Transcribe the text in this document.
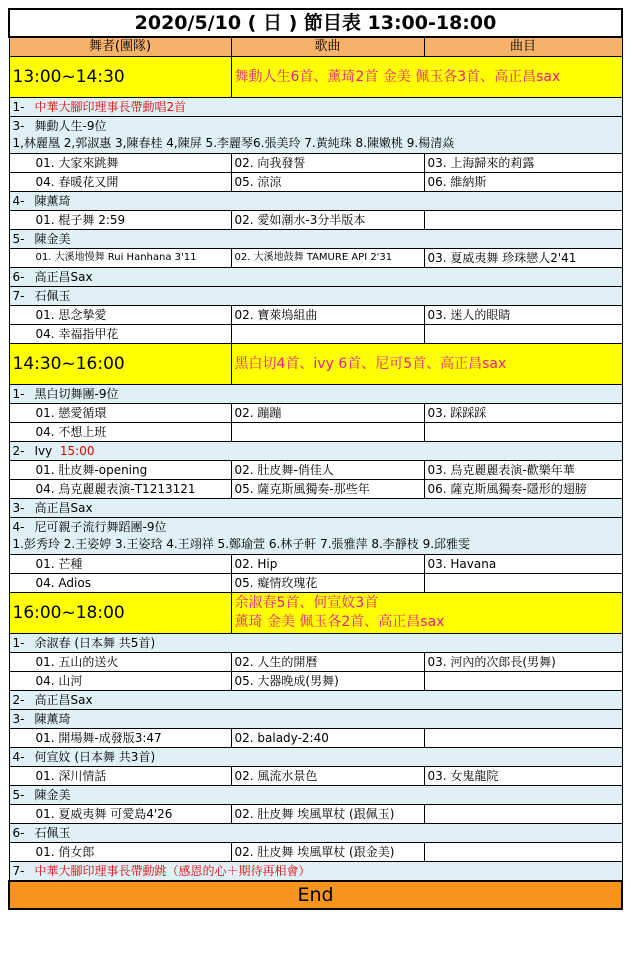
2020/5/10 ( 日 ) 節目表 13:00-18:00		
舞者(團隊)	歌曲	曲目
13:00~14:30	舞動人生6首、薰琦2首 金美 佩玉各3首、高正昌sax	
1- 中華大腳印理事長帶動唱2首		

3- 舞動人生-9位
1,林麗凰 2,郭淑惠 3,陳春桂 4,陳屏 5.李麗琴6.張美玲 7.黃純珠 8.陳嫩桃 9.楊清焱		
01. 大家來跳舞	02. 向我發誓	03. 上海歸來的莉露
04. 春暖花又開	05. 涼涼	06. 維納斯
4- 陳薰琦		
01. 棍子舞 2:59	02. 愛如潮水-3分半版本	
5- 陳金美		
01. 大溪地慢舞 Rui Hanhana 3'11	02. 大溪地鼓舞 TAMURE API 2'31	03. 夏威夷舞 珍珠戀人2'41
6- 高正昌Sax		
7- 石佩玉		
01. 思念摯愛	02. 寶萊塢組曲	03. 迷人的眼睛
04. 幸福指甲花		
14:30~16:00	黑白切4首、ivy 6首、尼可5首、高正昌sax	
1- 黑白切舞團-9位		
01. 戀愛循環	02. 蹦蹦	03. 踩踩踩
04. 不想上班		
2- Ivy 15:00		
01. 肚皮舞-opening	02. 肚皮舞-俏佳人	03. 烏克麗麗表演-歡樂年華
04. 烏克麗麗表演-T1213121	05. 薩克斯風獨奏-那些年	06. 薩克斯風獨奏-隱形的翅膀
3- 高正昌Sax		

4- 尼可親子流行舞蹈團-9位
1.彭秀玲 2.王姿婷 3.王姿琀 4.王翊祥 5.鄭瑜萱 6.林子軒 7.張雅萍 8.李靜枝 9.邱雅雯		
01. 芒種	02. Hip	03. Havana
04. Adios	05. 癡情玫瑰花	
16:00~18:00	余淑春5首、何宣妏3首
薰琦 金美 佩玉各2首、高正昌sax	
1- 余淑春 (日本舞 共5首)		
01. 五山的送火	02. 人生的開曆	03. 河內的次郎長(男舞)
04. 山河	05. 大器晚成(男舞)	
2- 高正昌Sax		
3- 陳薰琦		
01. 開場舞-成發版3:47	02. balady-2:40	
4- 何宣妏 (日本舞 共3首)		
01. 深川情話	02. 風流水景色	03. 女鬼龍院
5- 陳金美		
01. 夏威夷舞 可愛島4'26	02. 肚皮舞 埃風單杖 (跟佩玉)	
6- 石佩玉		
01. 俏女郎	02. 肚皮舞 埃風單杖 (跟金美)	
7- 中華大腳印理事長帶動跳（感恩的心＋期待再相會）		
End		
